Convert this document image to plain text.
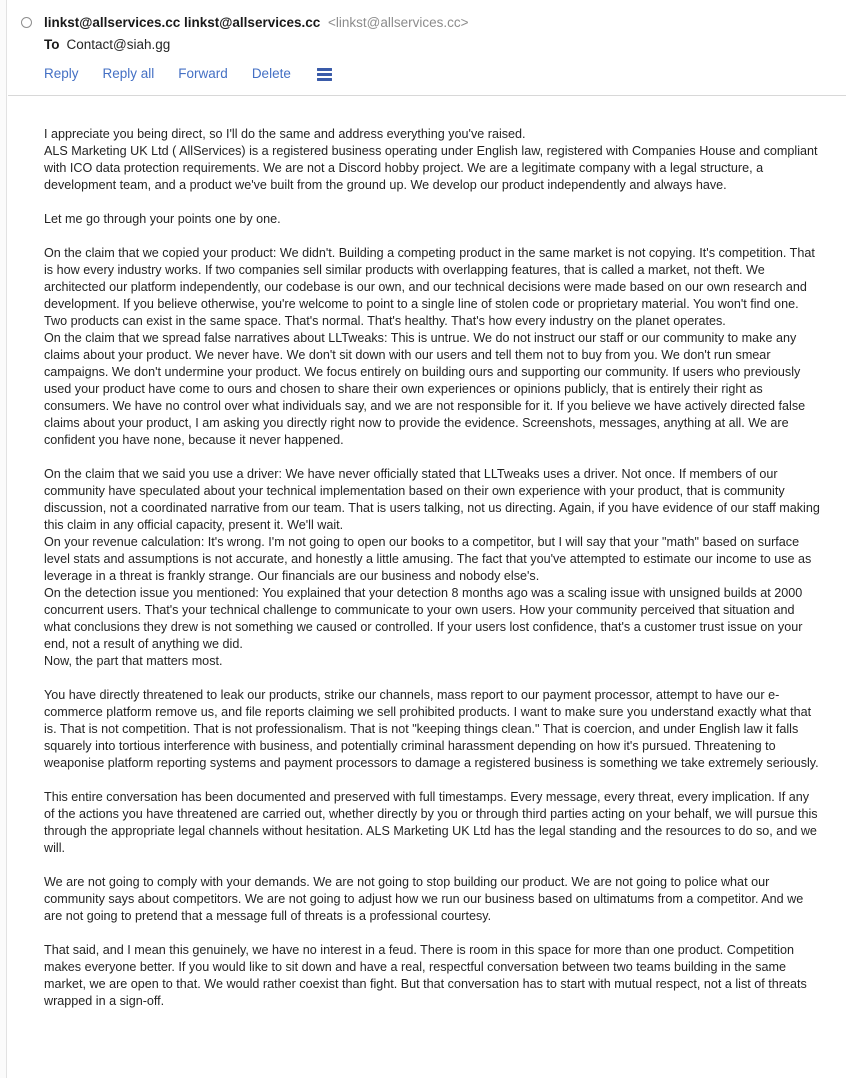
linkst@allservices.cc linkst@allservices.cc <linkst@allservices.cc>
To Contact@siah.gg
Reply Reply all Forward Delete

I appreciate you being direct, so I'll do the same and address everything you've raised.
ALS Marketing UK Ltd ( AllServices) is a registered business operating under English law, registered with Companies House and compliant with ICO data protection requirements. We are not a Discord hobby project. We are a legitimate company with a legal structure, a development team, and a product we've built from the ground up. We develop our product independently and always have.

Let me go through your points one by one.

On the claim that we copied your product: We didn't. Building a competing product in the same market is not copying. It's competition. That is how every industry works. If two companies sell similar products with overlapping features, that is called a market, not theft. We architected our platform independently, our codebase is our own, and our technical decisions were made based on our own research and development. If you believe otherwise, you're welcome to point to a single line of stolen code or proprietary material. You won't find one. Two products can exist in the same space. That's normal. That's healthy. That's how every industry on the planet operates.
On the claim that we spread false narratives about LLTweaks: This is untrue. We do not instruct our staff or our community to make any claims about your product. We never have. We don't sit down with our users and tell them not to buy from you. We don't run smear campaigns. We don't undermine your product. We focus entirely on building ours and supporting our community. If users who previously used your product have come to ours and chosen to share their own experiences or opinions publicly, that is entirely their right as consumers. We have no control over what individuals say, and we are not responsible for it. If you believe we have actively directed false claims about your product, I am asking you directly right now to provide the evidence. Screenshots, messages, anything at all. We are confident you have none, because it never happened.

On the claim that we said you use a driver: We have never officially stated that LLTweaks uses a driver. Not once. If members of our community have speculated about your technical implementation based on their own experience with your product, that is community discussion, not a coordinated narrative from our team. That is users talking, not us directing. Again, if you have evidence of our staff making this claim in any official capacity, present it. We'll wait.
On your revenue calculation: It's wrong. I'm not going to open our books to a competitor, but I will say that your "math" based on surface level stats and assumptions is not accurate, and honestly a little amusing. The fact that you've attempted to estimate our income to use as leverage in a threat is frankly strange. Our financials are our business and nobody else's.
On the detection issue you mentioned: You explained that your detection 8 months ago was a scaling issue with unsigned builds at 2000 concurrent users. That's your technical challenge to communicate to your own users. How your community perceived that situation and what conclusions they drew is not something we caused or controlled. If your users lost confidence, that's a customer trust issue on your end, not a result of anything we did.
Now, the part that matters most.

You have directly threatened to leak our products, strike our channels, mass report to our payment processor, attempt to have our e-commerce platform remove us, and file reports claiming we sell prohibited products. I want to make sure you understand exactly what that is. That is not competition. That is not professionalism. That is not "keeping things clean." That is coercion, and under English law it falls squarely into tortious interference with business, and potentially criminal harassment depending on how it's pursued. Threatening to weaponise platform reporting systems and payment processors to damage a registered business is something we take extremely seriously.

This entire conversation has been documented and preserved with full timestamps. Every message, every threat, every implication. If any of the actions you have threatened are carried out, whether directly by you or through third parties acting on your behalf, we will pursue this through the appropriate legal channels without hesitation. ALS Marketing UK Ltd has the legal standing and the resources to do so, and we will.

We are not going to comply with your demands. We are not going to stop building our product. We are not going to police what our community says about competitors. We are not going to adjust how we run our business based on ultimatums from a competitor. And we are not going to pretend that a message full of threats is a professional courtesy.

That said, and I mean this genuinely, we have no interest in a feud. There is room in this space for more than one product. Competition makes everyone better. If you would like to sit down and have a real, respectful conversation between two teams building in the same market, we are open to that. We would rather coexist than fight. But that conversation has to start with mutual respect, not a list of threats wrapped in a sign-off.
